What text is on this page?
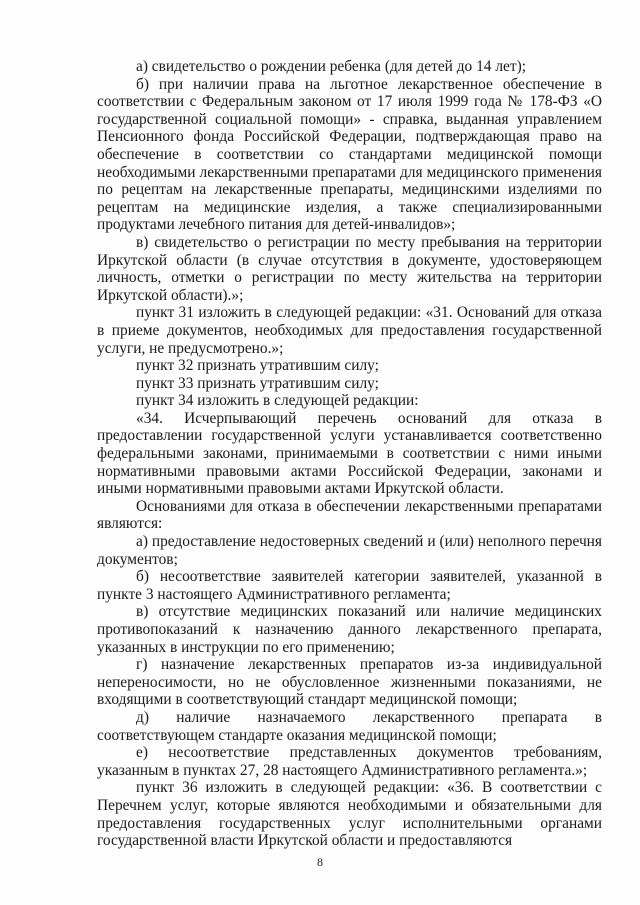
а) свидетельство о рождении ребенка (для детей до 14 лет);

б) при наличии права на льготное лекарственное обеспечение в соответствии с Федеральным законом от 17 июля 1999 года № 178-ФЗ «О государственной социальной помощи» - справка, выданная управлением Пенсионного фонда Российской Федерации, подтверждающая право на обеспечение в соответствии со стандартами медицинской помощи необходимыми лекарственными препаратами для медицинского применения по рецептам на лекарственные препараты, медицинскими изделиями по рецептам на медицинские изделия, а также специализированными продуктами лечебного питания для детей-инвалидов»;

в) свидетельство о регистрации по месту пребывания на территории Иркутской области (в случае отсутствия в документе, удостоверяющем личность, отметки о регистрации по месту жительства на территории Иркутской области).»;

пункт 31 изложить в следующей редакции: «31. Оснований для отказа в приеме документов, необходимых для предоставления государственной услуги, не предусмотрено.»;

пункт 32 признать утратившим силу;

пункт 33 признать утратившим силу;

пункт 34 изложить в следующей редакции:

«34. Исчерпывающий перечень оснований для отказа в предоставлении государственной услуги устанавливается соответственно федеральными законами, принимаемыми в соответствии с ними иными нормативными правовыми актами Российской Федерации, законами и иными нормативными правовыми актами Иркутской области.

Основаниями для отказа в обеспечении лекарственными препаратами являются:

а) предоставление недостоверных сведений и (или) неполного перечня документов;

б) несоответствие заявителей категории заявителей, указанной в пункте 3 настоящего Административного регламента;

в) отсутствие медицинских показаний или наличие медицинских противопоказаний к назначению данного лекарственного препарата, указанных в инструкции по его применению;

г) назначение лекарственных препаратов из-за индивидуальной непереносимости, но не обусловленное жизненными показаниями, не входящими в соответствующий стандарт медицинской помощи;

д) наличие назначаемого лекарственного препарата в соответствующем стандарте оказания медицинской помощи;

е) несоответствие представленных документов требованиям, указанным в пунктах 27, 28 настоящего Административного регламента.»;

пункт 36 изложить в следующей редакции: «36. В соответствии с Перечнем услуг, которые являются необходимыми и обязательными для предоставления государственных услуг исполнительными органами государственной власти Иркутской области и предоставляются

8
